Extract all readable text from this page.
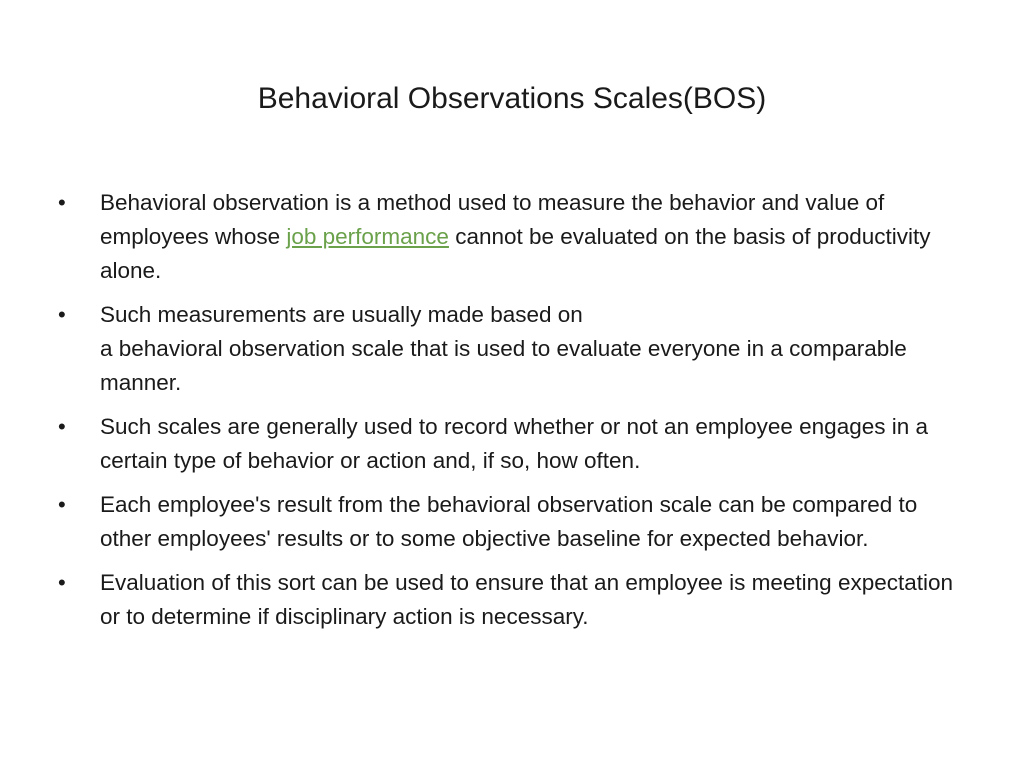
Behavioral Observations Scales(BOS)
• Behavioral observation is a method used to measure the behavior and value of employees whose job performance cannot be evaluated on the basis of productivity alone.
• Such measurements are usually made based on
a behavioral observation scale that is used to evaluate everyone in a comparable manner.
• Such scales are generally used to record whether or not an employee engages in a certain type of behavior or action and, if so, how often.
• Each employee's result from the behavioral observation scale can be compared to other employees' results or to some objective baseline for expected behavior.
• Evaluation of this sort can be used to ensure that an employee is meeting expectation or to determine if disciplinary action is necessary.
